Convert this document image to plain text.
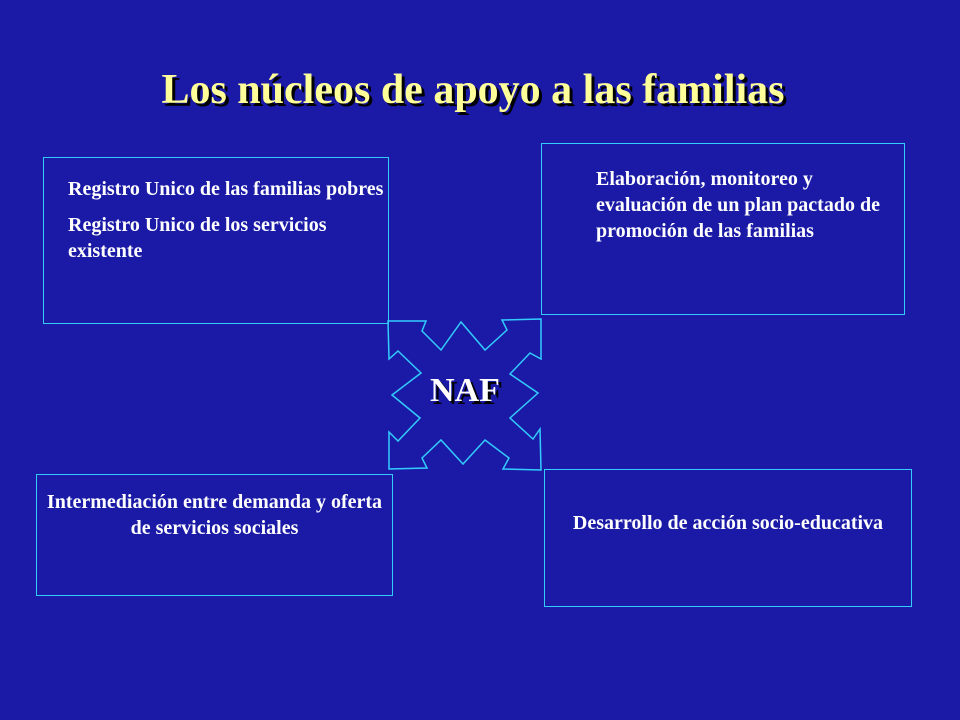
Los núcleos de apoyo a las familias

Registro Unico de las familias pobres

Registro Unico de los servicios existente

Elaboración, monitoreo y evaluación de un plan pactado de promoción de las familias

Intermediación entre demanda y oferta de servicios sociales	Desarrollo de acción socio-educativa

NAF
